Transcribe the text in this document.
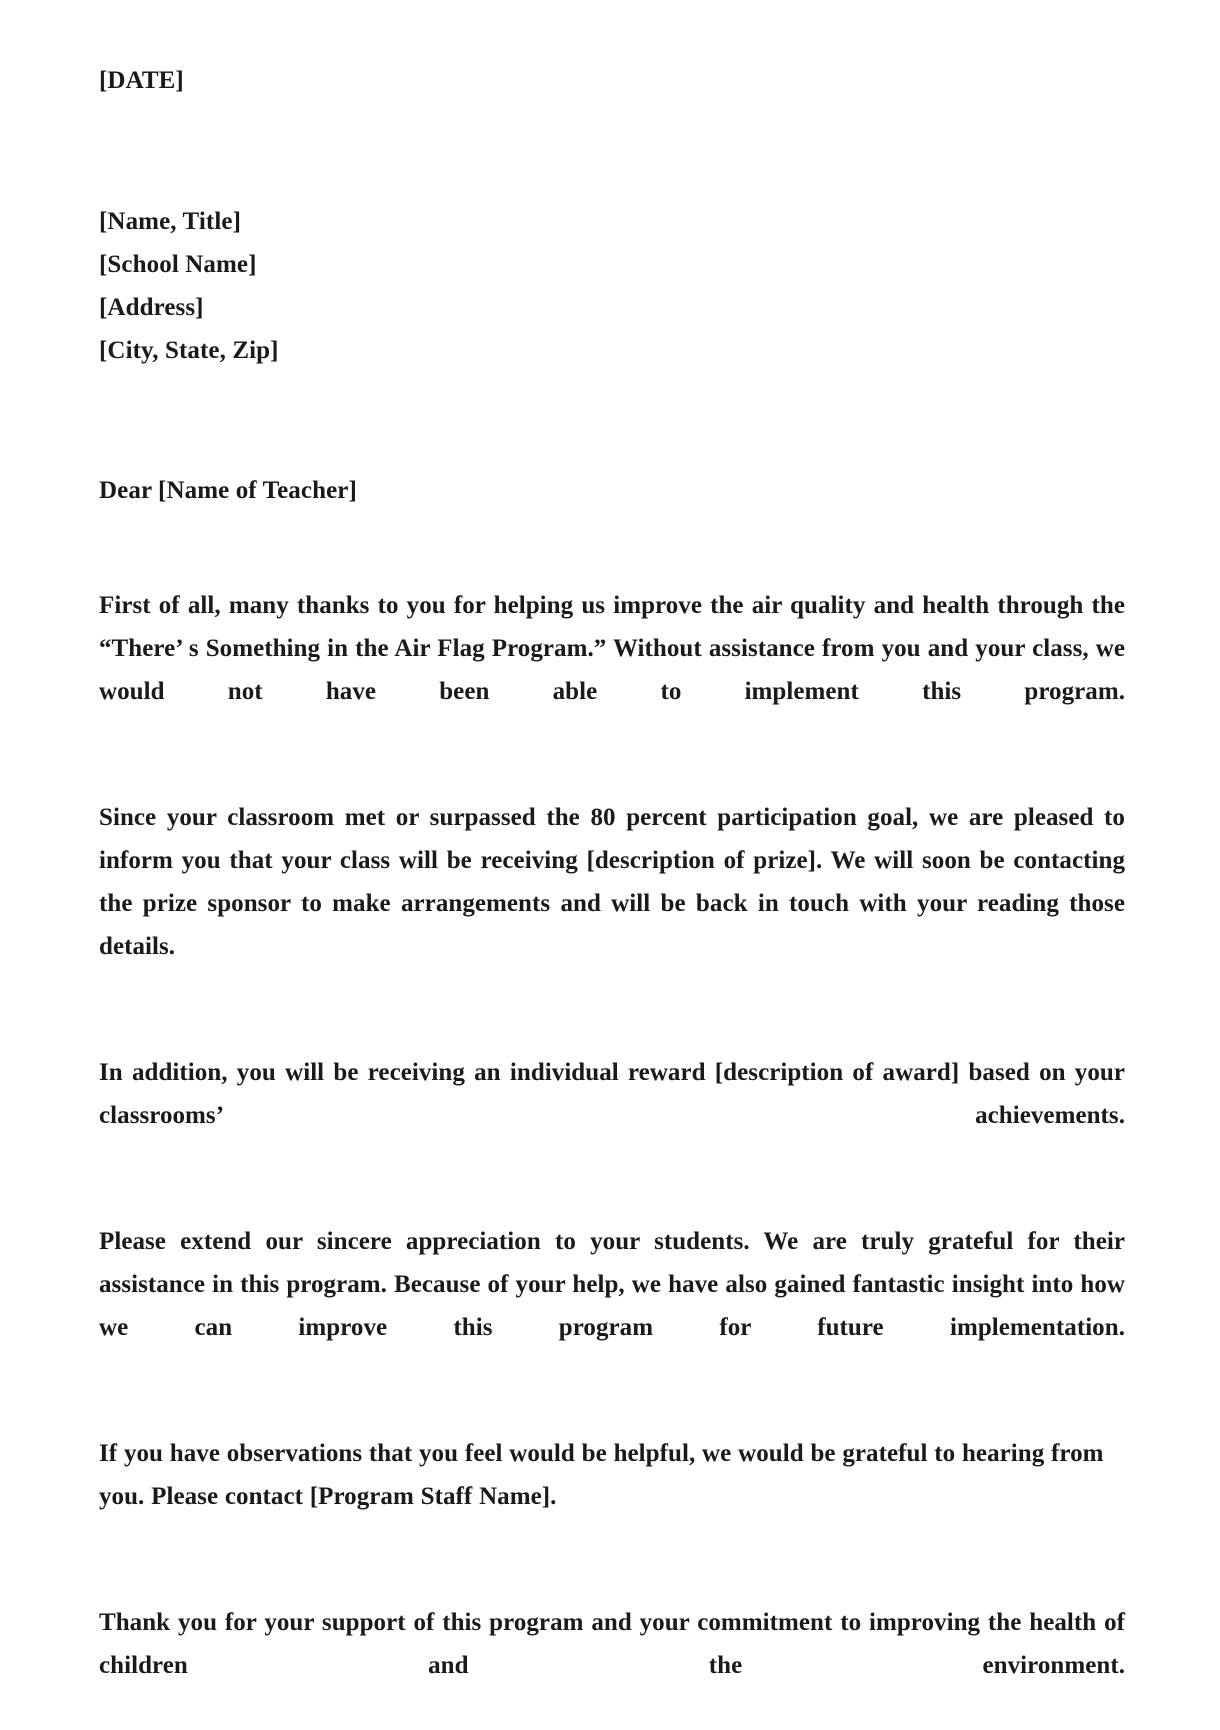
[DATE]
[Name, Title]
[School Name]
[Address]
[City, State, Zip]
Dear [Name of Teacher]

First of all, many thanks to you for helping us improve the air quality and health through the “There’ s Something in the Air Flag Program.” Without assistance from you and your class, we would not have been able to implement this program.

Since your classroom met or surpassed the 80 percent participation goal, we are pleased to inform you that your class will be receiving [description of prize]. We will soon be contacting the prize sponsor to make arrangements and will be back in touch with your reading those details.

In addition, you will be receiving an individual reward [description of award] based on your classrooms’ achievements.

Please extend our sincere appreciation to your students. We are truly grateful for their assistance in this program. Because of your help, we have also gained fantastic insight into how we can improve this program for future implementation.

If you have observations that you feel would be helpful, we would be grateful to hearing from you. Please contact [Program Staff Name].

Thank you for your support of this program and your commitment to improving the health of children and the environment.
